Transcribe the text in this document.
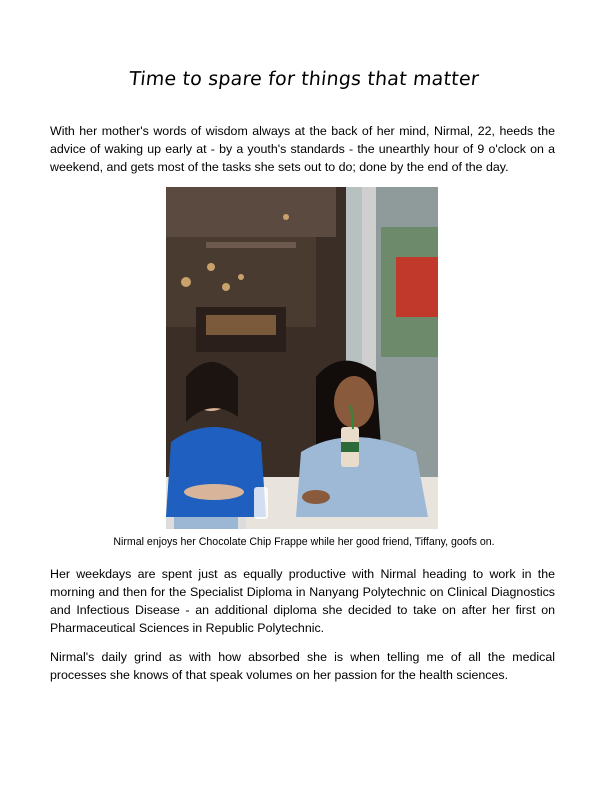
Time to spare for things that matter

With her mother's words of wisdom always at the back of her mind, Nirmal, 22, heeds the advice of waking up early at - by a youth's standards - the unearthly hour of 9 o'clock on a weekend, and gets most of the tasks she sets out to do; done by the end of the day.

Nirmal enjoys her Chocolate Chip Frappe while her good friend, Tiffany, goofs on.

Her weekdays are spent just as equally productive with Nirmal heading to work in the morning and then for the Specialist Diploma in Nanyang Polytechnic on Clinical Diagnostics and Infectious Disease - an additional diploma she decided to take on after her first on Pharmaceutical Sciences in Republic Polytechnic.

Nirmal's daily grind as with how absorbed she is when telling me of all the medical processes she knows of that speak volumes on her passion for the health sciences.
